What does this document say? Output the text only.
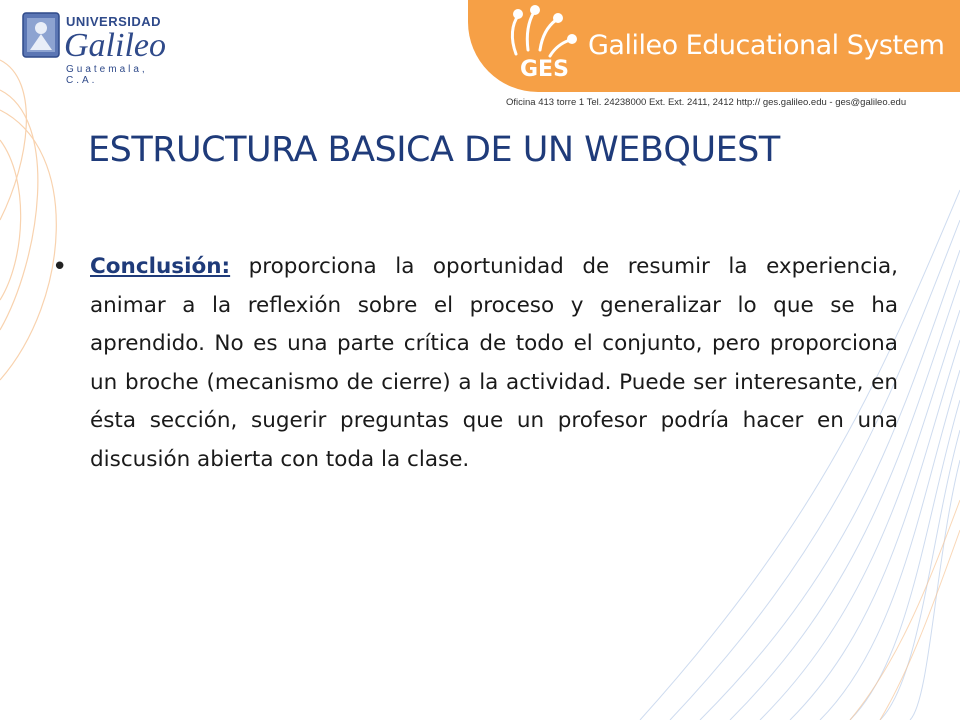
UNIVERSIDAD
Galileo
Guatemala, C.A.	GES
Galileo Educational System
Oficina 413 torre 1 Tel. 24238000 Ext. Ext. 2411, 2412 http:// ges.galileo.edu - ges@galileo.edu
ESTRUCTURA BASICA DE UN WEBQUEST
• Conclusión: proporciona la oportunidad de resumir la experiencia, animar a la reflexión sobre el proceso y generalizar lo que se ha aprendido. No es una parte crítica de todo el conjunto, pero proporciona un broche (mecanismo de cierre) a la actividad. Puede ser interesante, en ésta sección, sugerir preguntas que un profesor podría hacer en una discusión abierta con toda la clase.
